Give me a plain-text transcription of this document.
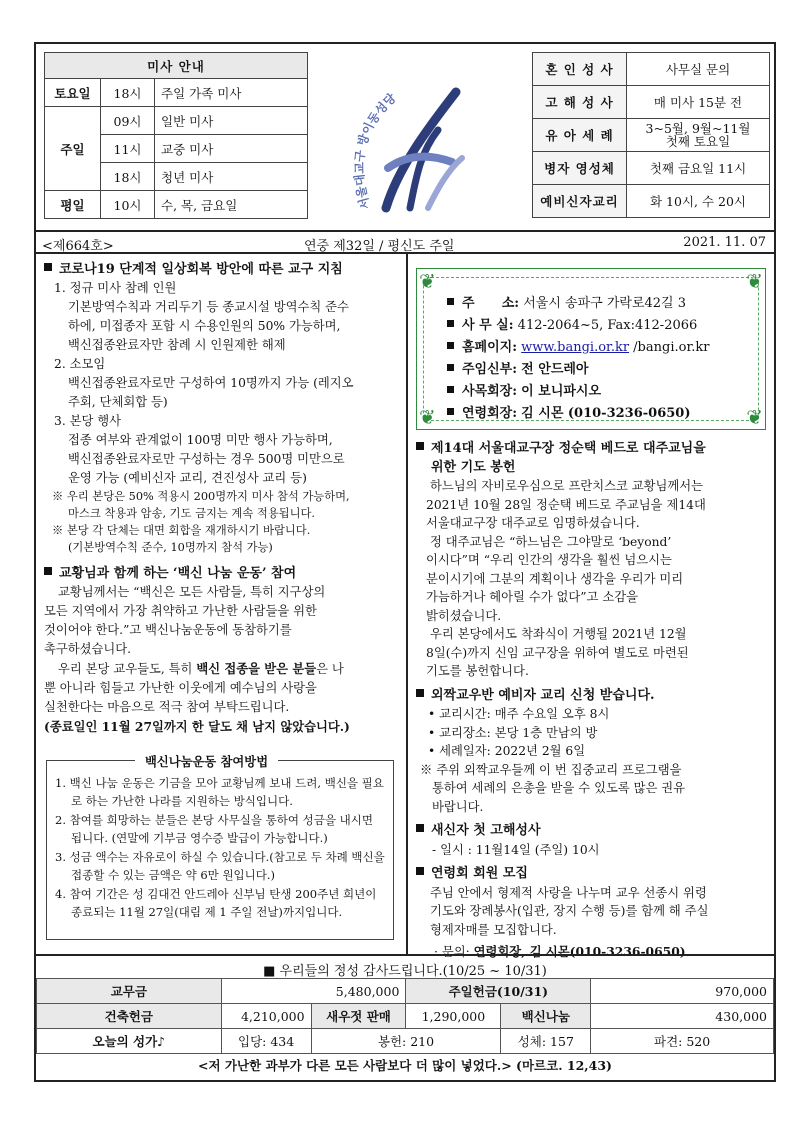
미사 안내		
토요일	18시	주일 가족 미사
주일	09시	일반 미사
	11시	교중 미사
	18시	청년 미사
평일	10시	수, 목, 금요일	서울대교구 방이동성당
혼 인 성 사	사무실 문의
고 해 성 사	매 미사 15분 전
유 아 세 례	3~5월, 9월~11월 첫째 토요일
병자 영성체	첫째 금요일 11시
예비신자교리	화 10시, 수 20시
<제664호>	연중 제32일 / 평신도 주일	2021. 11. 07
코로나19 단계적 일상회복 방안에 따른 교구 지침
1. 정규 미사 참례 인원
기본방역수칙과 거리두기 등 종교시설 방역수칙 준수
하에, 미접종자 포함 시 수용인원의 50% 가능하며,
백신접종완료자만 참례 시 인원제한 해제
2. 소모임
백신접종완료자로만 구성하여 10명까지 가능 (레지오
주회, 단체회합 등)
3. 본당 행사
접종 여부와 관계없이 100명 미만 행사 가능하며,
백신접종완료자로만 구성하는 경우 500명 미만으로
운영 가능 (예비신자 교리, 견진성사 교리 등)
※ 우리 본당은 50% 적용시 200명까지 미사 참석 가능하며,
마스크 착용과 암송, 기도 금지는 계속 적용됩니다.
※ 본당 각 단체는 대면 회합을 재개하시기 바랍니다.
(기본방역수칙 준수, 10명까지 참석 가능)
교황님과 함께 하는 ‘백신 나눔 운동’ 참여
교황님께서는 “백신은 모든 사람들, 특히 지구상의
모든 지역에서 가장 취약하고 가난한 사람들을 위한
것이어야 한다.”고 백신나눔운동에 동참하기를
촉구하셨습니다.
우리 본당 교우들도, 특히 백신 접종을 받은 분들은 나
뿐 아니라 힘들고 가난한 이웃에게 예수님의 사랑을
실천한다는 마음으로 적극 참여 부탁드립니다.
(종료일인 11월 27일까지 한 달도 채 남지 않았습니다.)
백신나눔운동 참여방법
1. 백신 나눔 운동은 기금을 모아 교황님께 보내 드려, 백신을 필요로 하는 가난한 나라를 지원하는 방식입니다.
2. 참여를 희망하는 분들은 본당 사무실을 통하여 성금을 내시면 됩니다. (연말에 기부금 영수증 발급이 가능합니다.)
3. 성금 액수는 자유로이 하실 수 있습니다.(참고로 두 차례 백신을 접종할 수 있는 금액은 약 6만 원입니다.)
4. 참여 기간은 성 김대건 안드레아 신부님 탄생 200주년 희년이 종료되는 11월 27일(대림 제 1 주일 전날)까지입니다.
❦	❦
❦	❦
주      소: 서울시 송파구 가락로42길 3
사 무 실: 412-2064~5, Fax:412-2066
홈페이지: www.bangi.or.kr /bangi.or.kr
주임신부: 전 안드레아
사목회장: 이 보니파시오
연령회장: 김 시몬 (010-3236-0650)
제14대 서울대교구장 정순택 베드로 대주교님을
위한 기도 봉헌
하느님의 자비로우심으로 프란치스코 교황님께서는
2021년 10월 28일 정순택 베드로 주교님을 제14대
서울대교구장 대주교로 임명하셨습니다.
정 대주교님은 “하느님은 그야말로 ‘beyond’
이시다”며 “우리 인간의 생각을 훨씬 넘으시는
분이시기에 그분의 계획이나 생각을 우리가 미리
가늠하거나 헤아릴 수가 없다”고 소감을
밝히셨습니다.
우리 본당에서도 착좌식이 거행될 2021년 12월
8일(수)까지 신임 교구장을 위하여 별도로 마련된
기도를 봉헌합니다.
외짝교우반 예비자 교리 신청 받습니다.
• 교리시간: 매주 수요일 오후 8시
• 교리장소: 본당 1층 만남의 방
• 세례일자: 2022년 2월 6일
※ 주위 외짝교우들께 이 번 집중교리 프로그램을
통하여 세례의 은총을 받을 수 있도록 많은 권유
바랍니다.
새신자 첫 고해성사
- 일시 : 11월14일 (주일) 10시
연령회 회원 모집
주님 안에서 형제적 사랑을 나누며 교우 선종시 위령
기도와 장례봉사(입관, 장지 수행 등)를 함께 해 주실
형제자매를 모집합니다.
· 문의: 연령회장, 김 시몬(010-3236-0650)
■ 우리들의 정성 감사드립니다.(10/25 ~ 10/31)
교무금	5,480,000		주일헌금(10/31)		970,000
건축헌금	4,210,000	새우젓 판매	1,290,000	백신나눔	430,000
오늘의 성가♪	입당: 434	봉헌: 210		성체: 157	파견: 520
<저 가난한 과부가 다른 모든 사람보다 더 많이 넣었다.> (마르코. 12,43)
